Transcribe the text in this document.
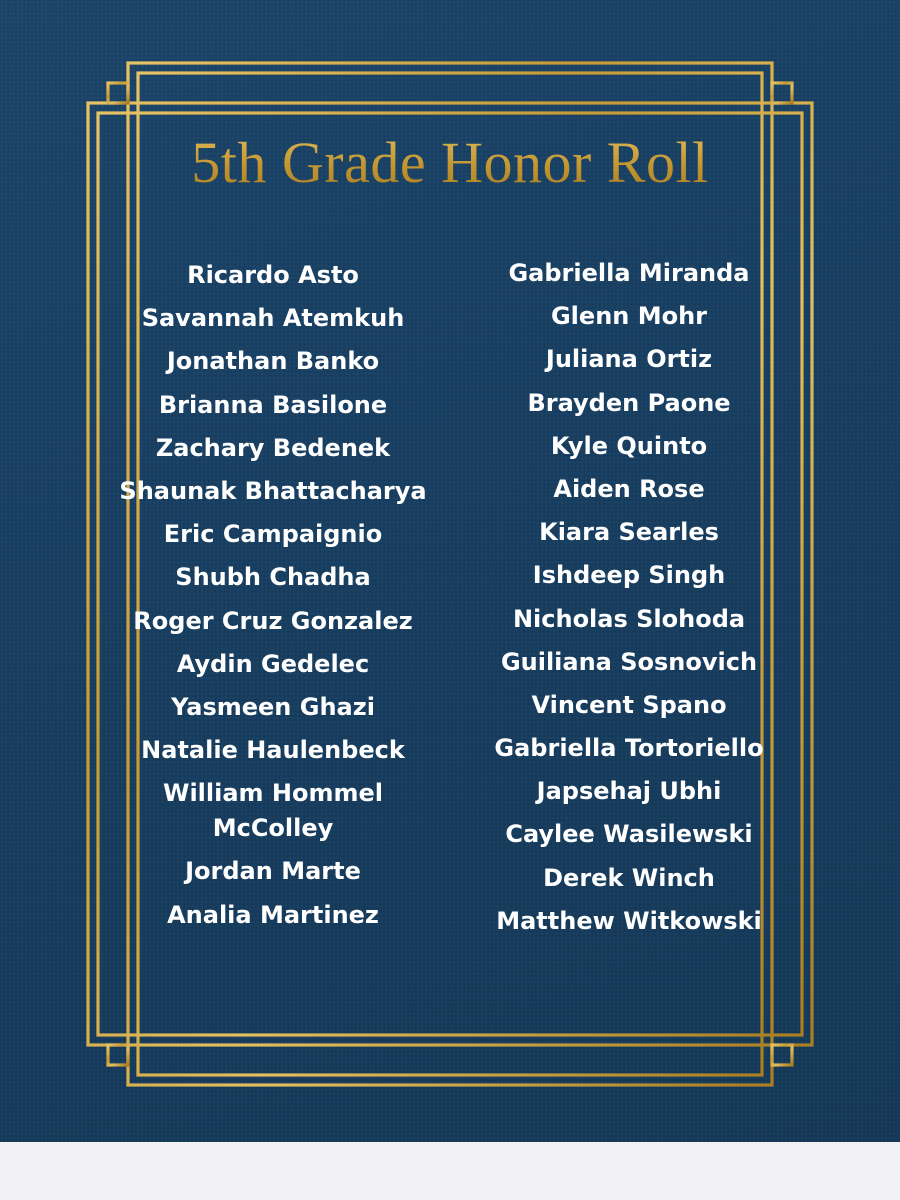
5th Grade Honor Roll
Ricardo Asto
Savannah Atemkuh
Jonathan Banko
Brianna Basilone
Zachary Bedenek
Shaunak Bhattacharya
Eric Campaignio
Shubh Chadha
Roger Cruz Gonzalez
Aydin Gedelec
Yasmeen Ghazi
Natalie Haulenbeck
William Hommel McColley
Jordan Marte
Analia Martinez
Gabriella Miranda
Glenn Mohr
Juliana Ortiz
Brayden Paone
Kyle Quinto
Aiden Rose
Kiara Searles
Ishdeep Singh
Nicholas Slohoda
Guiliana Sosnovich
Vincent Spano
Gabriella Tortoriello
Japsehaj Ubhi
Caylee Wasilewski
Derek Winch
Matthew Witkowski
